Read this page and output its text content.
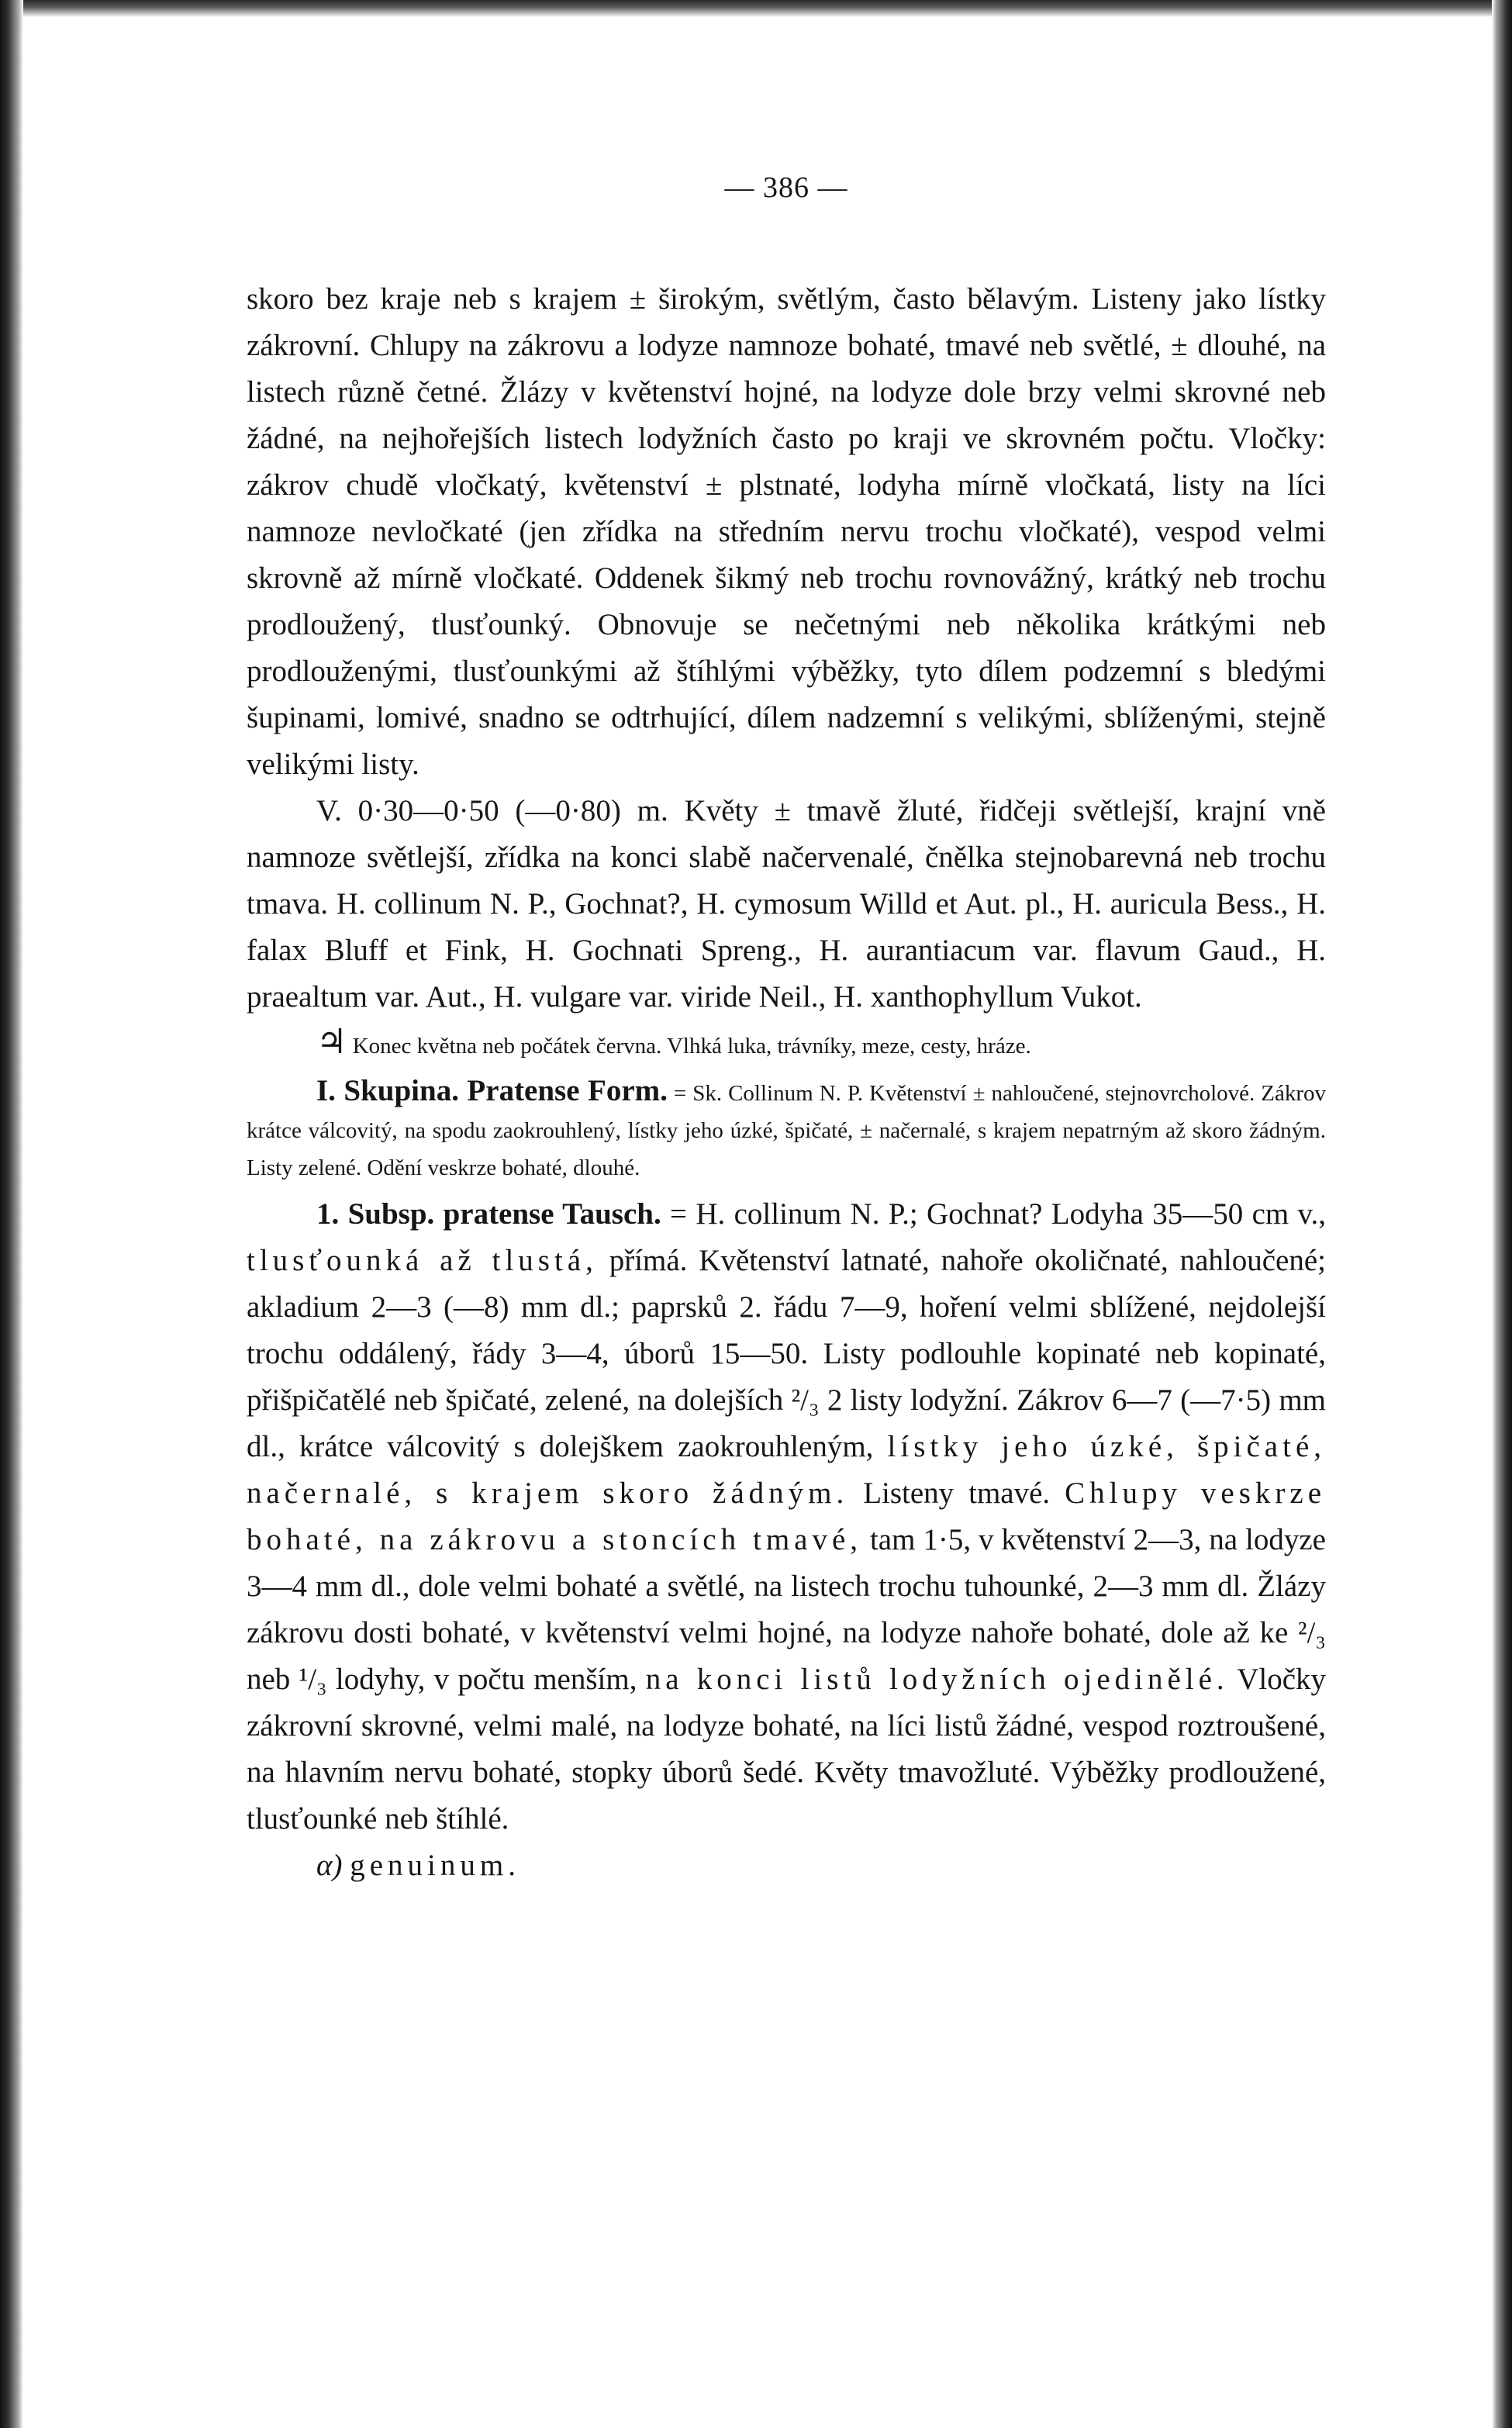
— 386 —

skoro bez kraje neb s krajem ± širokým, světlým, často bělavým. Listeny jako lístky zákrovní. Chlupy na zákrovu a lodyze namnoze bohaté, tmavé neb světlé, ± dlouhé, na listech různě četné. Žlázy v květenství hojné, na lodyze dole brzy velmi skrovné neb žádné, na nejhořejších listech lodyžních často po kraji ve skrovném počtu. Vločky: zákrov chudě vločkatý, květenství ± plstnaté, lodyha mírně vločkatá, listy na líci namnoze nevločkaté (jen zřídka na středním nervu trochu vločkaté), vespod velmi skrovně až mírně vločkaté. Oddenek šikmý neb trochu rovnovážný, krátký neb trochu prodloužený, tlusťounký. Obnovuje se nečetnými neb několika krátkými neb prodlouženými, tlusťounkými až štíhlými výběžky, tyto dílem podzemní s bledými šupinami, lomivé, snadno se odtrhující, dílem nadzemní s velikými, sblíženými, stejně velikými listy.

V. 0·30—0·50 (—0·80) m. Květy ± tmavě žluté, řidčeji světlejší, krajní vně namnoze světlejší, zřídka na konci slabě načervenalé, čnělka stejnobarevná neb trochu tmava. H. collinum N. P., Gochnat?, H. cymosum Willd et Aut. pl., H. auricula Bess., H. falax Bluff et Fink, H. Gochnati Spreng., H. aurantiacum var. flavum Gaud., H. praealtum var. Aut., H. vulgare var. viride Neil., H. xanthophyllum Vukot.

♃ Konec května neb počátek června. Vlhká luka, trávníky, meze, cesty, hráze.

I. Skupina. Pratense Form. = Sk. Collinum N. P. Květenství ± nahloučené, stejnovrcholové. Zákrov krátce válcovitý, na spodu zaokrouhlený, lístky jeho úzké, špičaté, ± načernalé, s krajem nepatrným až skoro žádným. Listy zelené. Odění veskrze bohaté, dlouhé.

1. Subsp. pratense Tausch. = H. collinum N. P.; Gochnat? Lodyha 35—50 cm v., tlusťounká až tlustá, přímá. Květenství latnaté, nahoře okoličnaté, nahloučené; akladium 2—3 (—8) mm dl.; paprsků 2. řádu 7—9, hoření velmi sblížené, nejdolejší trochu oddálený, řády 3—4, úborů 15—50. Listy podlouhle kopinaté neb kopinaté, přišpičatělé neb špičaté, zelené, na dolejších ²/₃ 2 listy lodyžní. Zákrov 6—7 (—7·5) mm dl., krátce válcovitý s dolejškem zaokrouhleným, lístky jeho úzké, špičaté, načernalé, s krajem skoro žádným. Listeny tmavé. Chlupy veskrze bohaté, na zákrovu a stoncích tmavé, tam 1·5, v květenství 2—3, na lodyze 3—4 mm dl., dole velmi bohaté a světlé, na listech trochu tuhounké, 2—3 mm dl. Žlázy zákrovu dosti bohaté, v květenství velmi hojné, na lodyze nahoře bohaté, dole až ke ²/₃ neb ¹/₃ lodyhy, v počtu menším, na konci listů lodyžních ojedinělé. Vločky zákrovní skrovné, velmi malé, na lodyze bohaté, na líci listů žádné, vespod roztroušené, na hlavním nervu bohaté, stopky úborů šedé. Květy tmavožluté. Výběžky prodloužené, tlusťounké neb štíhlé.

α) genuinum.
